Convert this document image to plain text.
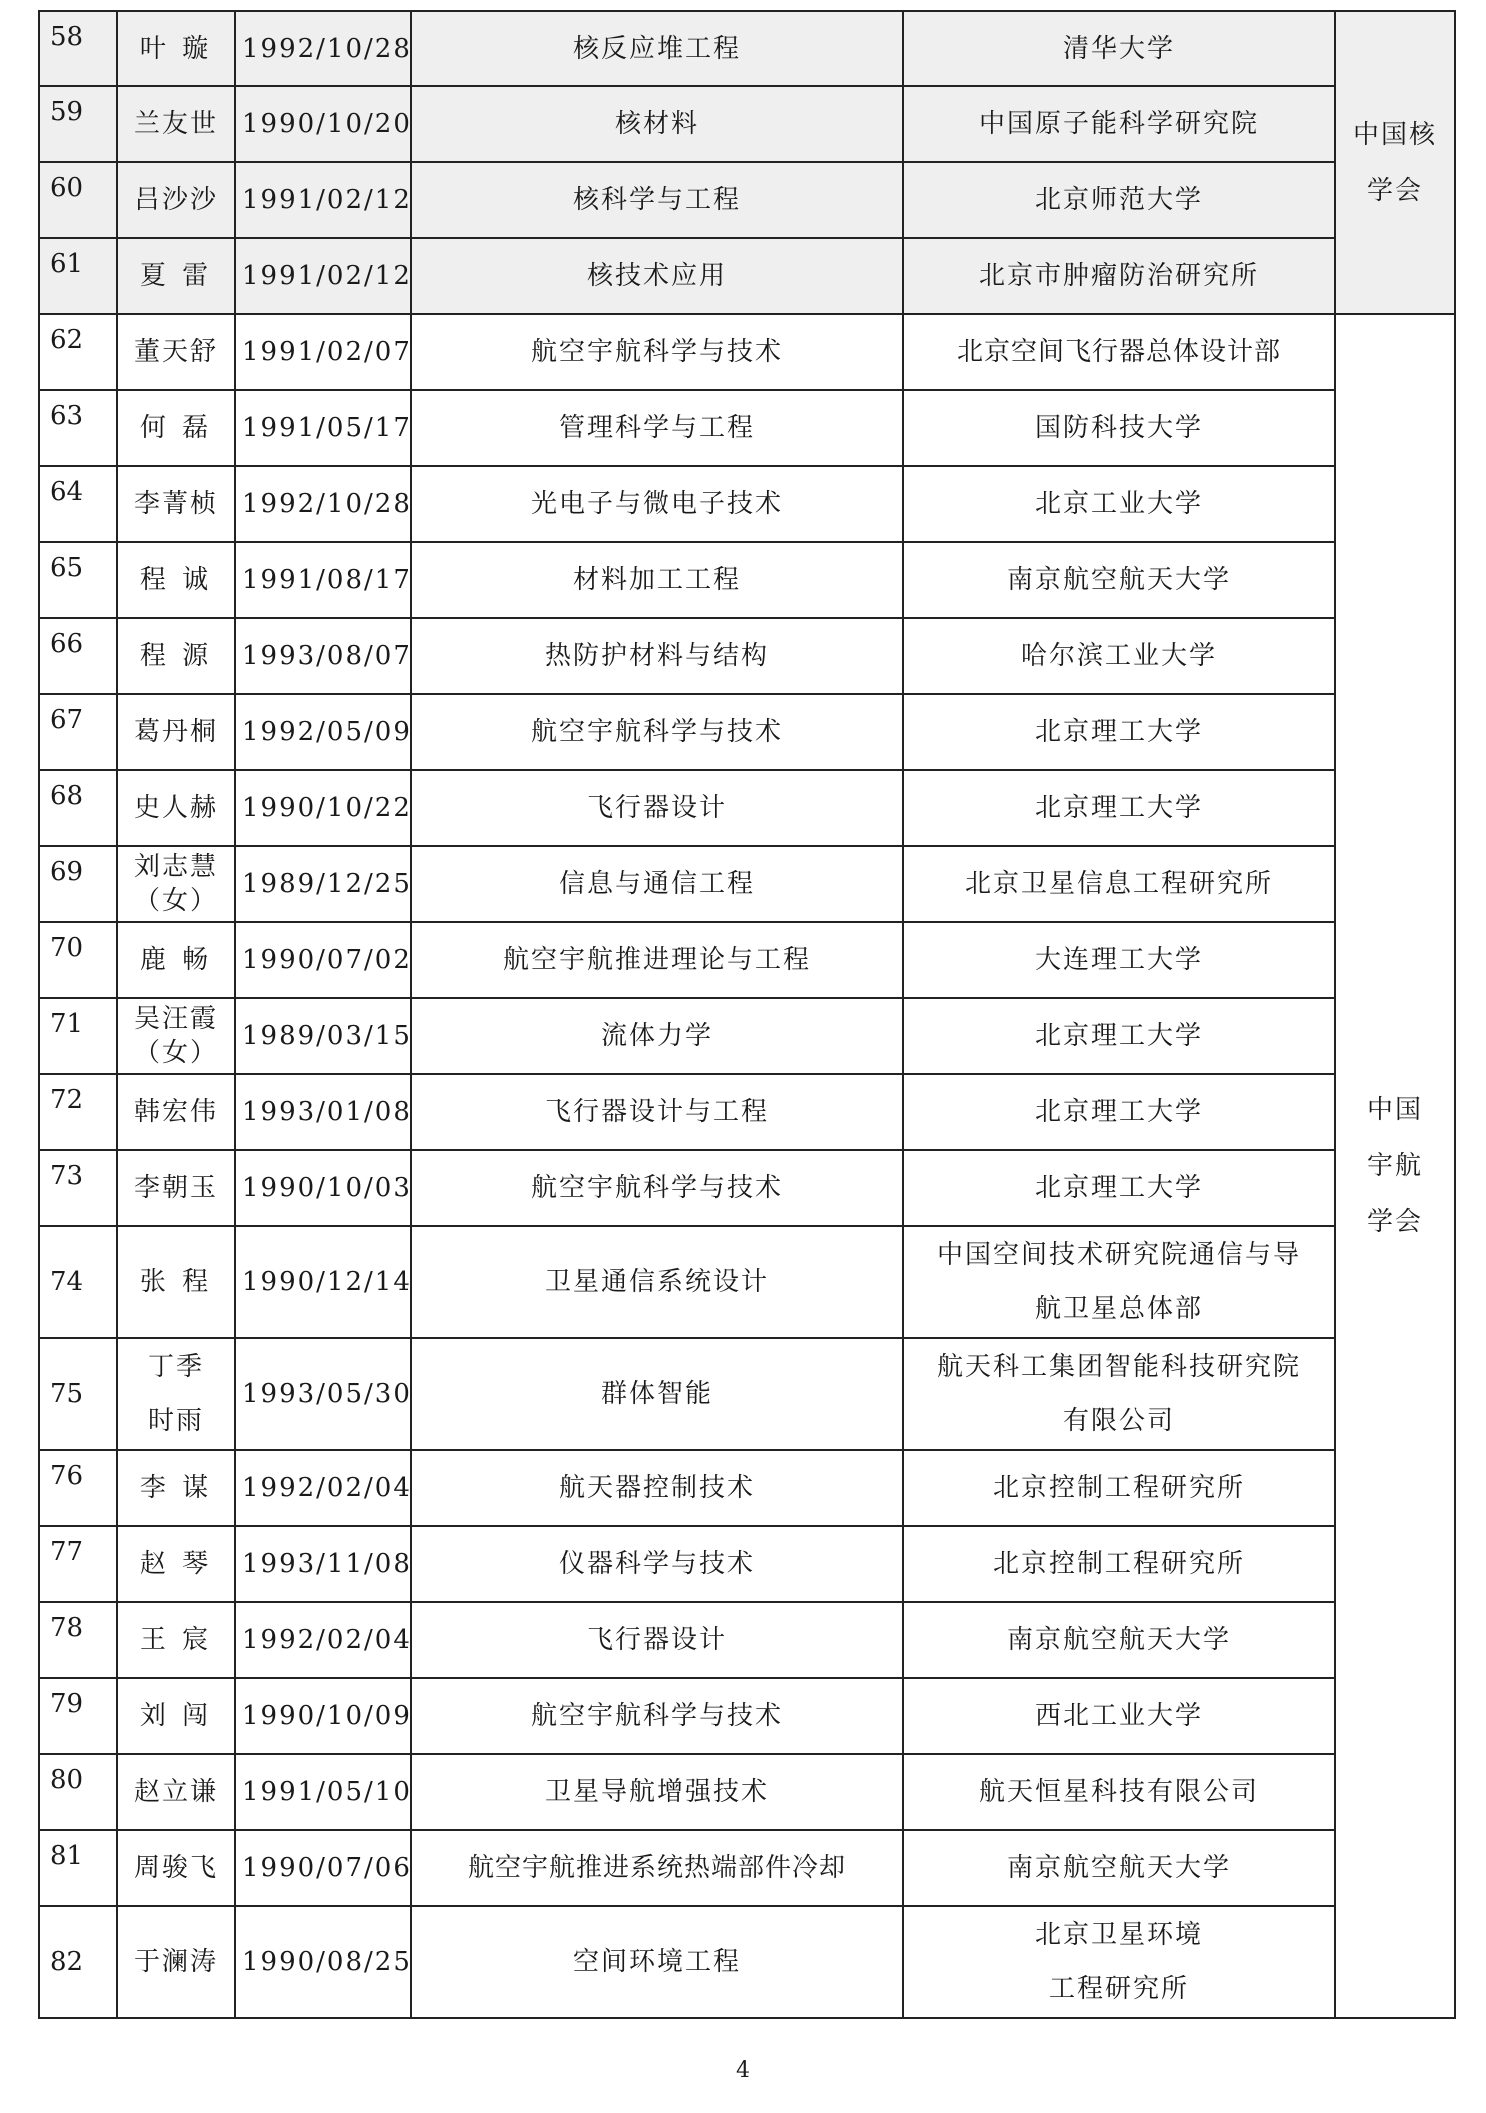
58	叶 璇	1992/10/28	核反应堆工程	清华大学	中国核
学会

59	兰友世	1990/10/20	核材料	中国原子能科学研究院	
60	吕沙沙	1991/02/12	核科学与工程	北京师范大学	
61	夏 雷	1991/02/12	核技术应用	北京市肿瘤防治研究所	
62	董天舒	1991/02/07	航空宇航科学与技术	北京空间飞行器总体设计部	中国
宇航
学会

63	何 磊	1991/05/17	管理科学与工程	国防科技大学	
64	李菁桢	1992/10/28	光电子与微电子技术	北京工业大学	
65	程 诚	1991/08/17	材料加工工程	南京航空航天大学	
66	程 源	1993/08/07	热防护材料与结构	哈尔滨工业大学	
67	葛丹桐	1992/05/09	航空宇航科学与技术	北京理工大学	
68	史人赫	1990/10/22	飞行器设计	北京理工大学	
69	刘志慧
（女）	1989/12/25	信息与通信工程	北京卫星信息工程研究所	
70	鹿 畅	1990/07/02	航空宇航推进理论与工程	大连理工大学	
71	吴汪霞
（女）	1989/03/15	流体力学	北京理工大学	
72	韩宏伟	1993/01/08	飞行器设计与工程	北京理工大学	
73	李朝玉	1990/10/03	航空宇航科学与技术	北京理工大学	
74	张 程	1990/12/14	卫星通信系统设计	中国空间技术研究院通信与导
航卫星总体部	

75	丁季
时雨	1993/05/30	群体智能	航天科工集团智能科技研究院
有限公司	

76	李 谋	1992/02/04	航天器控制技术	北京控制工程研究所	
77	赵 琴	1993/11/08	仪器科学与技术	北京控制工程研究所	
78	王 宸	1992/02/04	飞行器设计	南京航空航天大学	
79	刘 闯	1990/10/09	航空宇航科学与技术	西北工业大学	
80	赵立谦	1991/05/10	卫星导航增强技术	航天恒星科技有限公司	
81	周骏飞	1990/07/06	航空宇航推进系统热端部件冷却	南京航空航天大学	
82	于澜涛	1990/08/25	空间环境工程	北京卫星环境
工程研究所	
4
